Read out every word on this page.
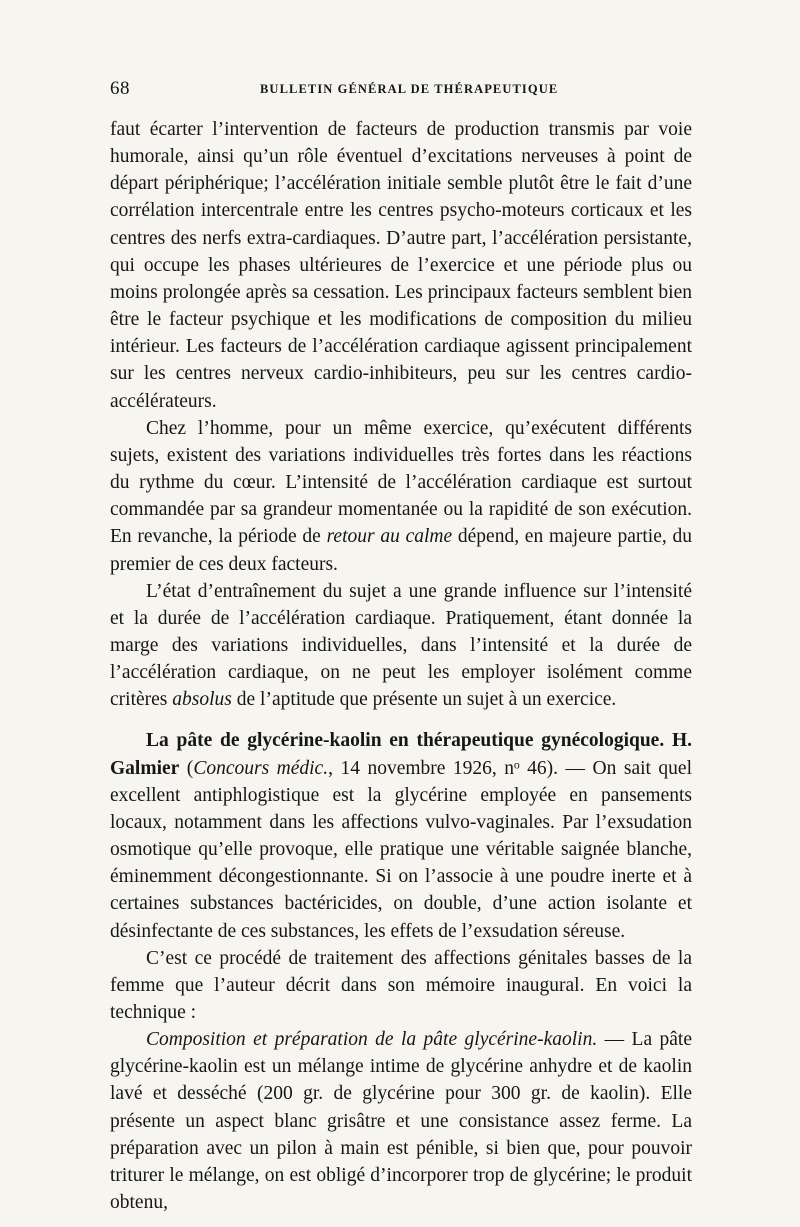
68	BULLETIN GÉNÉRAL DE THÉRAPEUTIQUE

faut écarter l’intervention de facteurs de production transmis par voie humorale, ainsi qu’un rôle éventuel d’excitations nerveuses à point de départ périphérique; l’accélération initiale semble plutôt être le fait d’une corrélation intercentrale entre les centres psycho-moteurs corticaux et les centres des nerfs extra-cardiaques. D’autre part, l’accélération persistante, qui occupe les phases ultérieures de l’exercice et une période plus ou moins prolongée après sa cessation. Les principaux facteurs semblent bien être le facteur psychique et les modifications de composition du milieu intérieur. Les facteurs de l’accélération cardiaque agissent principalement sur les centres nerveux cardio-inhibiteurs, peu sur les centres cardio-accélérateurs.

Chez l’homme, pour un même exercice, qu’exécutent différents sujets, existent des variations individuelles très fortes dans les réactions du rythme du cœur. L’intensité de l’accélération cardiaque est surtout commandée par sa grandeur momentanée ou la rapidité de son exécution. En revanche, la période de retour au calme dépend, en majeure partie, du premier de ces deux facteurs.

L’état d’entraînement du sujet a une grande influence sur l’intensité et la durée de l’accélération cardiaque. Pratiquement, étant donnée la marge des variations individuelles, dans l’intensité et la durée de l’accélération cardiaque, on ne peut les employer isolément comme critères absolus de l’aptitude que présente un sujet à un exercice.

La pâte de glycérine-kaolin en thérapeutique gynécologique. H. Galmier (Concours médic., 14 novembre 1926, nᵒ 46). — On sait quel excellent antiphlogistique est la glycérine employée en pansements locaux, notamment dans les affections vulvo-vaginales. Par l’exsudation osmotique qu’elle provoque, elle pratique une véritable saignée blanche, éminemment décongestionnante. Si on l’associe à une poudre inerte et à certaines substances bactéricides, on double, d’une action isolante et désinfectante de ces substances, les effets de l’exsudation séreuse.

C’est ce procédé de traitement des affections génitales basses de la femme que l’auteur décrit dans son mémoire inaugural. En voici la technique :

Composition et préparation de la pâte glycérine-kaolin. — La pâte glycérine-kaolin est un mélange intime de glycérine anhydre et de kaolin lavé et desséché (200 gr. de glycérine pour 300 gr. de kaolin). Elle présente un aspect blanc grisâtre et une consistance assez ferme. La préparation avec un pilon à main est pénible, si bien que, pour pouvoir triturer le mélange, on est obligé d’incorporer trop de glycérine; le produit obtenu,
